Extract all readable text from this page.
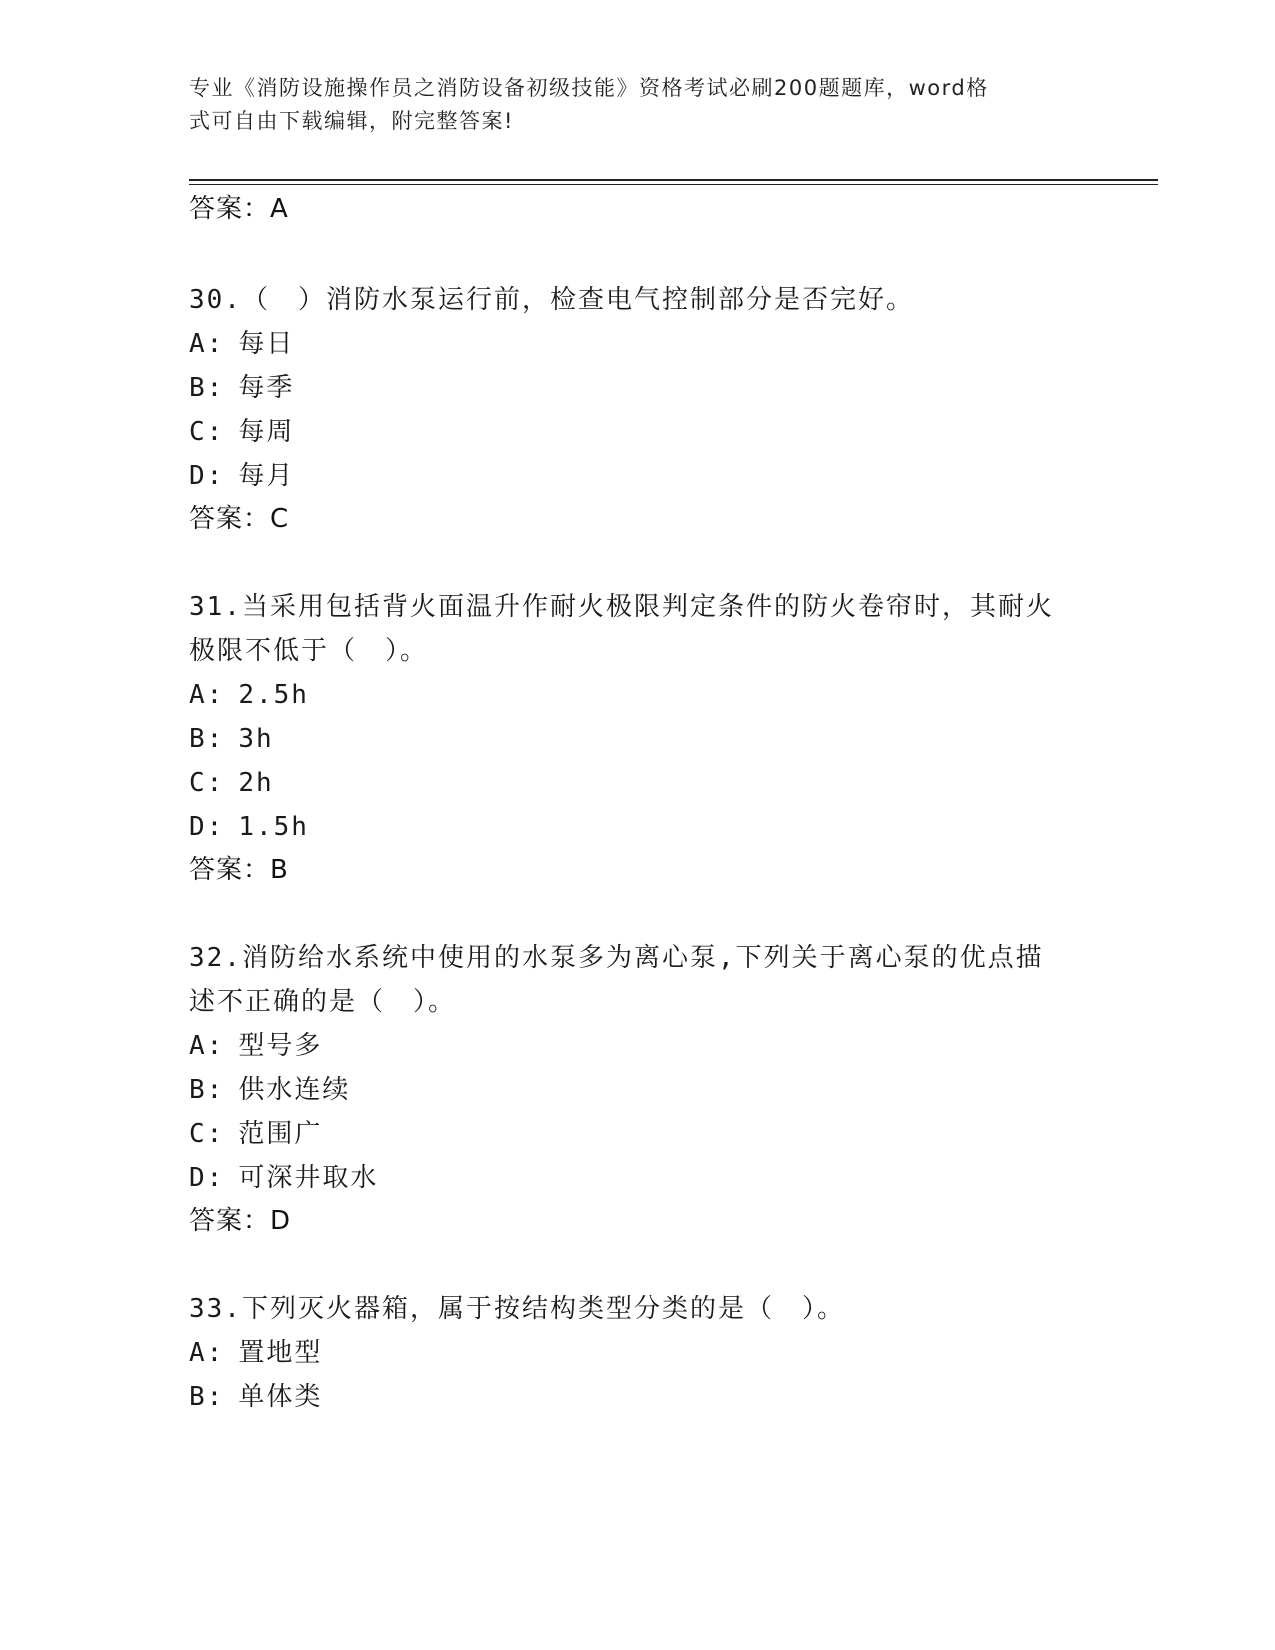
专业《消防设施操作员之消防设备初级技能》资格考试必刷200题题库，word格
式可自由下载编辑，附完整答案!
答案：A
30.（　）消防水泵运行前，检查电气控制部分是否完好。
A: 每日
B: 每季
C: 每周
D: 每月
答案：C
31.当采用包括背火面温升作耐火极限判定条件的防火卷帘时，其耐火
极限不低于（　）。
A: 2.5h
B: 3h
C: 2h
D: 1.5h
答案：B
32.消防给水系统中使用的水泵多为离心泵,下列关于离心泵的优点描
述不正确的是（　）。
A: 型号多
B: 供水连续
C: 范围广
D: 可深井取水
答案：D
33.下列灭火器箱，属于按结构类型分类的是（　）。
A: 置地型
B: 单体类
